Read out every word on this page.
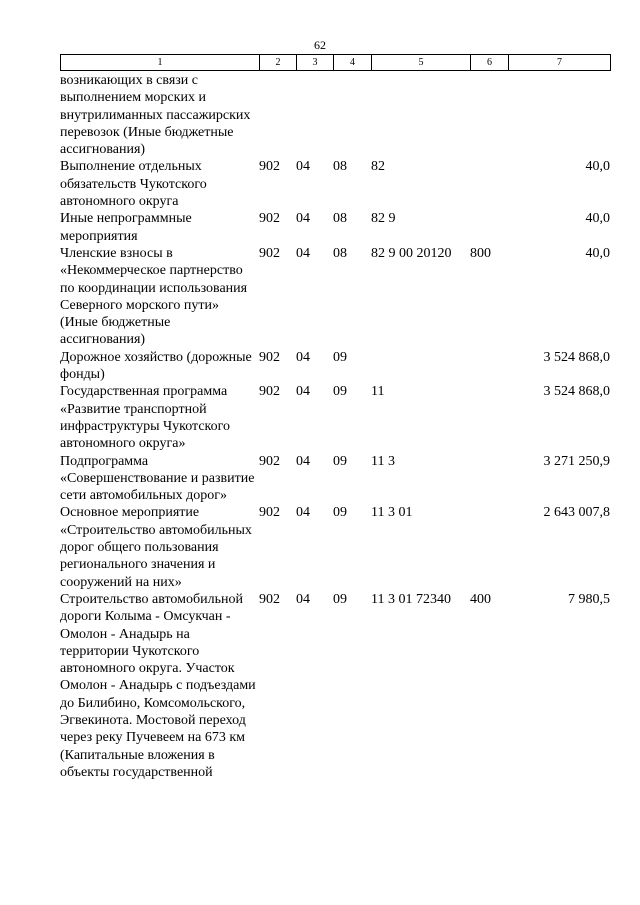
62
1	2	3	4	5	6	7
возникающих в связи с выполнением морских и внутрилиманных пассажирских перевозок (Иные бюджетные ассигнования)						
Выполнение отдельных обязательств Чукотского автономного округа	902	04	08	82		40,0
Иные непрограммные мероприятия	902	04	08	82 9		40,0
Членские взносы в «Некоммерческое партнерство по координации использования Северного морского пути» (Иные бюджетные ассигнования)	902	04	08	82 9 00 20120	800	40,0
Дорожное хозяйство (дорожные фонды)	902	04	09			3 524 868,0
Государственная программа «Развитие транспортной инфраструктуры Чукотского автономного округа»	902	04	09	11		3 524 868,0
Подпрограмма «Совершенствование и развитие сети автомобильных дорог»	902	04	09	11 3		3 271 250,9
Основное мероприятие «Строительство автомобильных дорог общего пользования регионального значения и сооружений на них»	902	04	09	11 3 01		2 643 007,8
Строительство автомобильной дороги Колыма - Омсукчан - Омолон - Анадырь на территории Чукотского автономного округа. Участок Омолон - Анадырь с подъездами до Билибино, Комсомольского, Эгвекинота. Мостовой переход через реку Пучевеем на 673 км (Капитальные вложения в объекты государственной	902	04	09	11 3 01 72340	400	7 980,5
